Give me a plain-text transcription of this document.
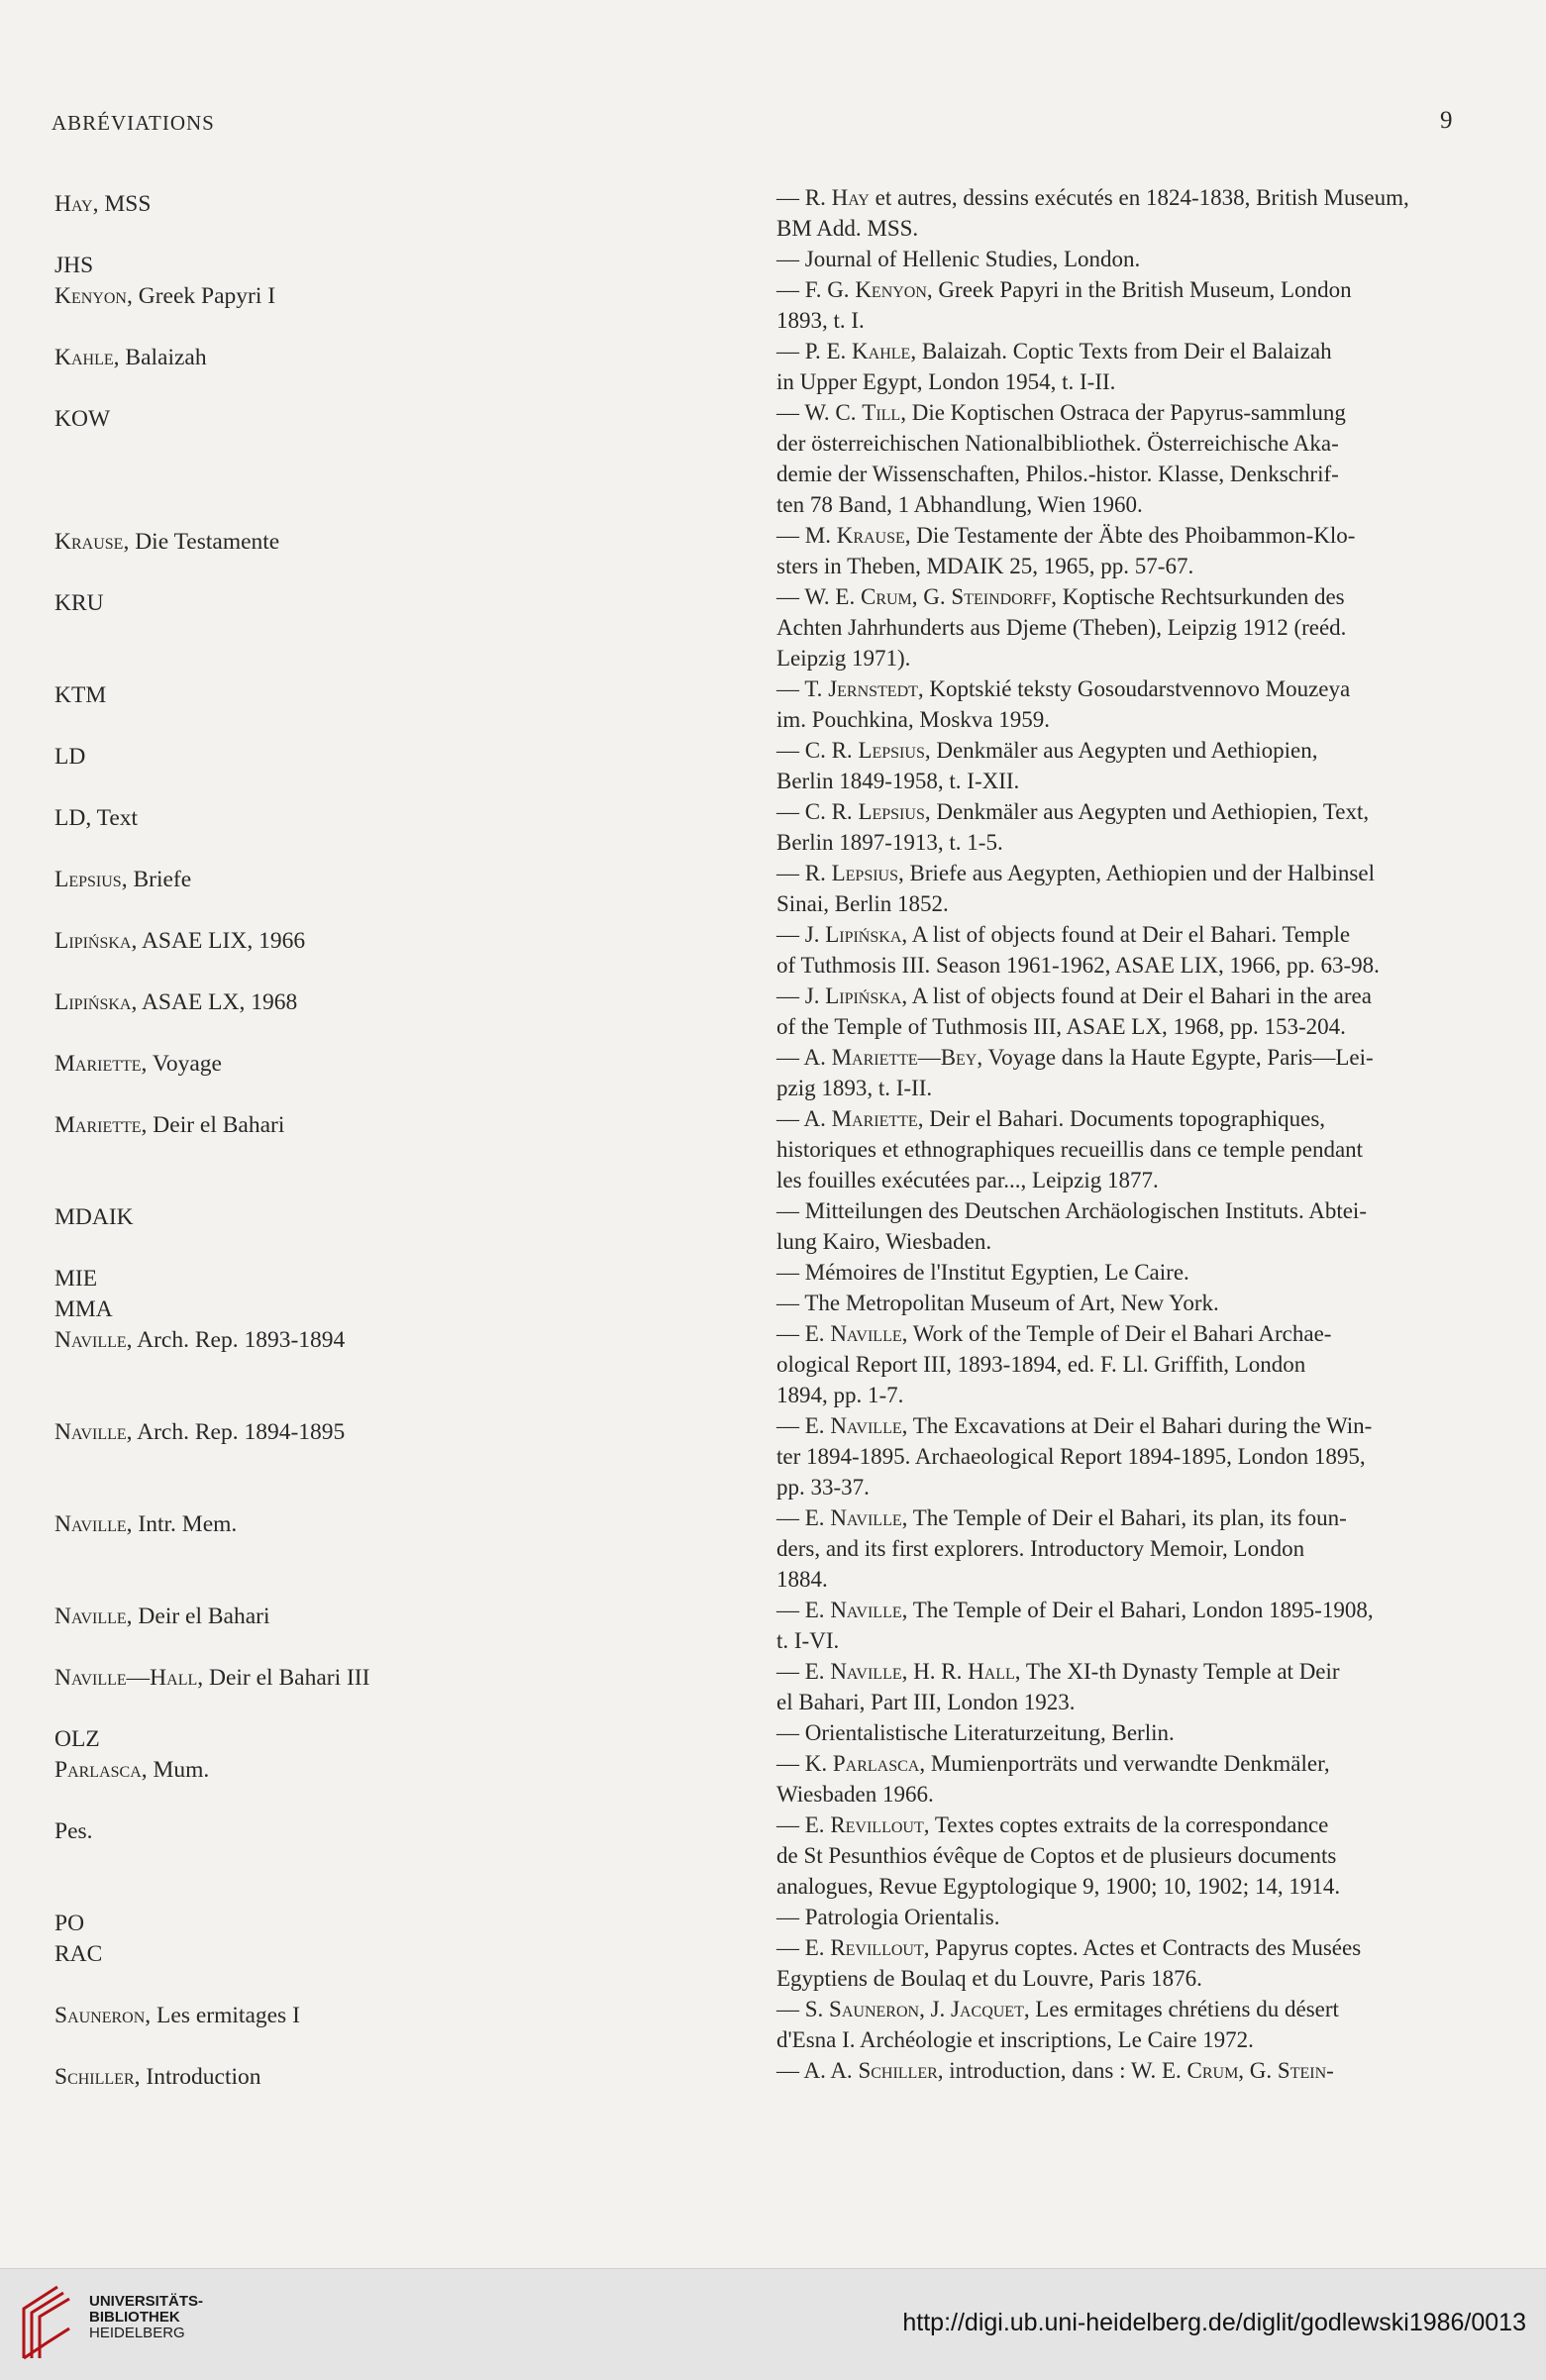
ABRÉVIATIONS	9
Hay, MSS	— R. Hay et autres, dessins exécutés en 1824-1838, British Museum,
BM Add. MSS.
JHS	— Journal of Hellenic Studies, London.
Kenyon, Greek Papyri I	— F. G. Kenyon, Greek Papyri in the British Museum, London
1893, t. I.
Kahle, Balaizah	— P. E. Kahle, Balaizah. Coptic Texts from Deir el Balaizah
in Upper Egypt, London 1954, t. I-II.
KOW	— W. C. Till, Die Koptischen Ostraca der Papyrus-sammlung
der österreichischen Nationalbibliothek. Österreichische Aka-
demie der Wissenschaften, Philos.-histor. Klasse, Denkschrif-
ten 78 Band, 1 Abhandlung, Wien 1960.
Krause, Die Testamente	— M. Krause, Die Testamente der Äbte des Phoibammon-Klo-
sters in Theben, MDAIK 25, 1965, pp. 57-67.
KRU	— W. E. Crum, G. Steindorff, Koptische Rechtsurkunden des
Achten Jahrhunderts aus Djeme (Theben), Leipzig 1912 (reéd.
Leipzig 1971).
KTM	— T. Jernstedt, Koptskié teksty Gosoudarstvennovo Mouzeya
im. Pouchkina, Moskva 1959.
LD	— C. R. Lepsius, Denkmäler aus Aegypten und Aethiopien,
Berlin 1849-1958, t. I-XII.
LD, Text	— C. R. Lepsius, Denkmäler aus Aegypten und Aethiopien, Text,
Berlin 1897-1913, t. 1-5.
Lepsius, Briefe	— R. Lepsius, Briefe aus Aegypten, Aethiopien und der Halbinsel
Sinai, Berlin 1852.
Lipińska, ASAE LIX, 1966	— J. Lipińska, A list of objects found at Deir el Bahari. Temple
of Tuthmosis III. Season 1961-1962, ASAE LIX, 1966, pp. 63-98.
Lipińska, ASAE LX, 1968	— J. Lipińska, A list of objects found at Deir el Bahari in the area
of the Temple of Tuthmosis III, ASAE LX, 1968, pp. 153-204.
Mariette, Voyage	— A. Mariette—Bey, Voyage dans la Haute Egypte, Paris—Lei-
pzig 1893, t. I-II.
Mariette, Deir el Bahari	— A. Mariette, Deir el Bahari. Documents topographiques,
historiques et ethnographiques recueillis dans ce temple pendant
les fouilles exécutées par..., Leipzig 1877.
MDAIK	— Mitteilungen des Deutschen Archäologischen Instituts. Abtei-
lung Kairo, Wiesbaden.
MIE	— Mémoires de l'Institut Egyptien, Le Caire.
MMA	— The Metropolitan Museum of Art, New York.
Naville, Arch. Rep. 1893-1894	— E. Naville, Work of the Temple of Deir el Bahari Archae-
ological Report III, 1893-1894, ed. F. Ll. Griffith, London
1894, pp. 1-7.
Naville, Arch. Rep. 1894-1895	— E. Naville, The Excavations at Deir el Bahari during the Win-
ter 1894-1895. Archaeological Report 1894-1895, London 1895,
pp. 33-37.
Naville, Intr. Mem.	— E. Naville, The Temple of Deir el Bahari, its plan, its foun-
ders, and its first explorers. Introductory Memoir, London
1884.
Naville, Deir el Bahari	— E. Naville, The Temple of Deir el Bahari, London 1895-1908,
t. I-VI.
Naville—Hall, Deir el Bahari III	— E. Naville, H. R. Hall, The XI-th Dynasty Temple at Deir
el Bahari, Part III, London 1923.
OLZ	— Orientalistische Literaturzeitung, Berlin.
Parlasca, Mum.	— K. Parlasca, Mumienporträts und verwandte Denkmäler,
Wiesbaden 1966.
Pes.	— E. Revillout, Textes coptes extraits de la correspondance
de St Pesunthios évêque de Coptos et de plusieurs documents
analogues, Revue Egyptologique 9, 1900; 10, 1902; 14, 1914.
PO	— Patrologia Orientalis.
RAC	— E. Revillout, Papyrus coptes. Actes et Contracts des Musées
Egyptiens de Boulaq et du Louvre, Paris 1876.
Sauneron, Les ermitages I	— S. Sauneron, J. Jacquet, Les ermitages chrétiens du désert
d'Esna I. Archéologie et inscriptions, Le Caire 1972.
Schiller, Introduction	— A. A. Schiller, introduction, dans : W. E. Crum, G. Stein-
UNIVERSITÄTS-
BIBLIOTHEK
HEIDELBERG	http://digi.ub.uni-heidelberg.de/diglit/godlewski1986/0013
